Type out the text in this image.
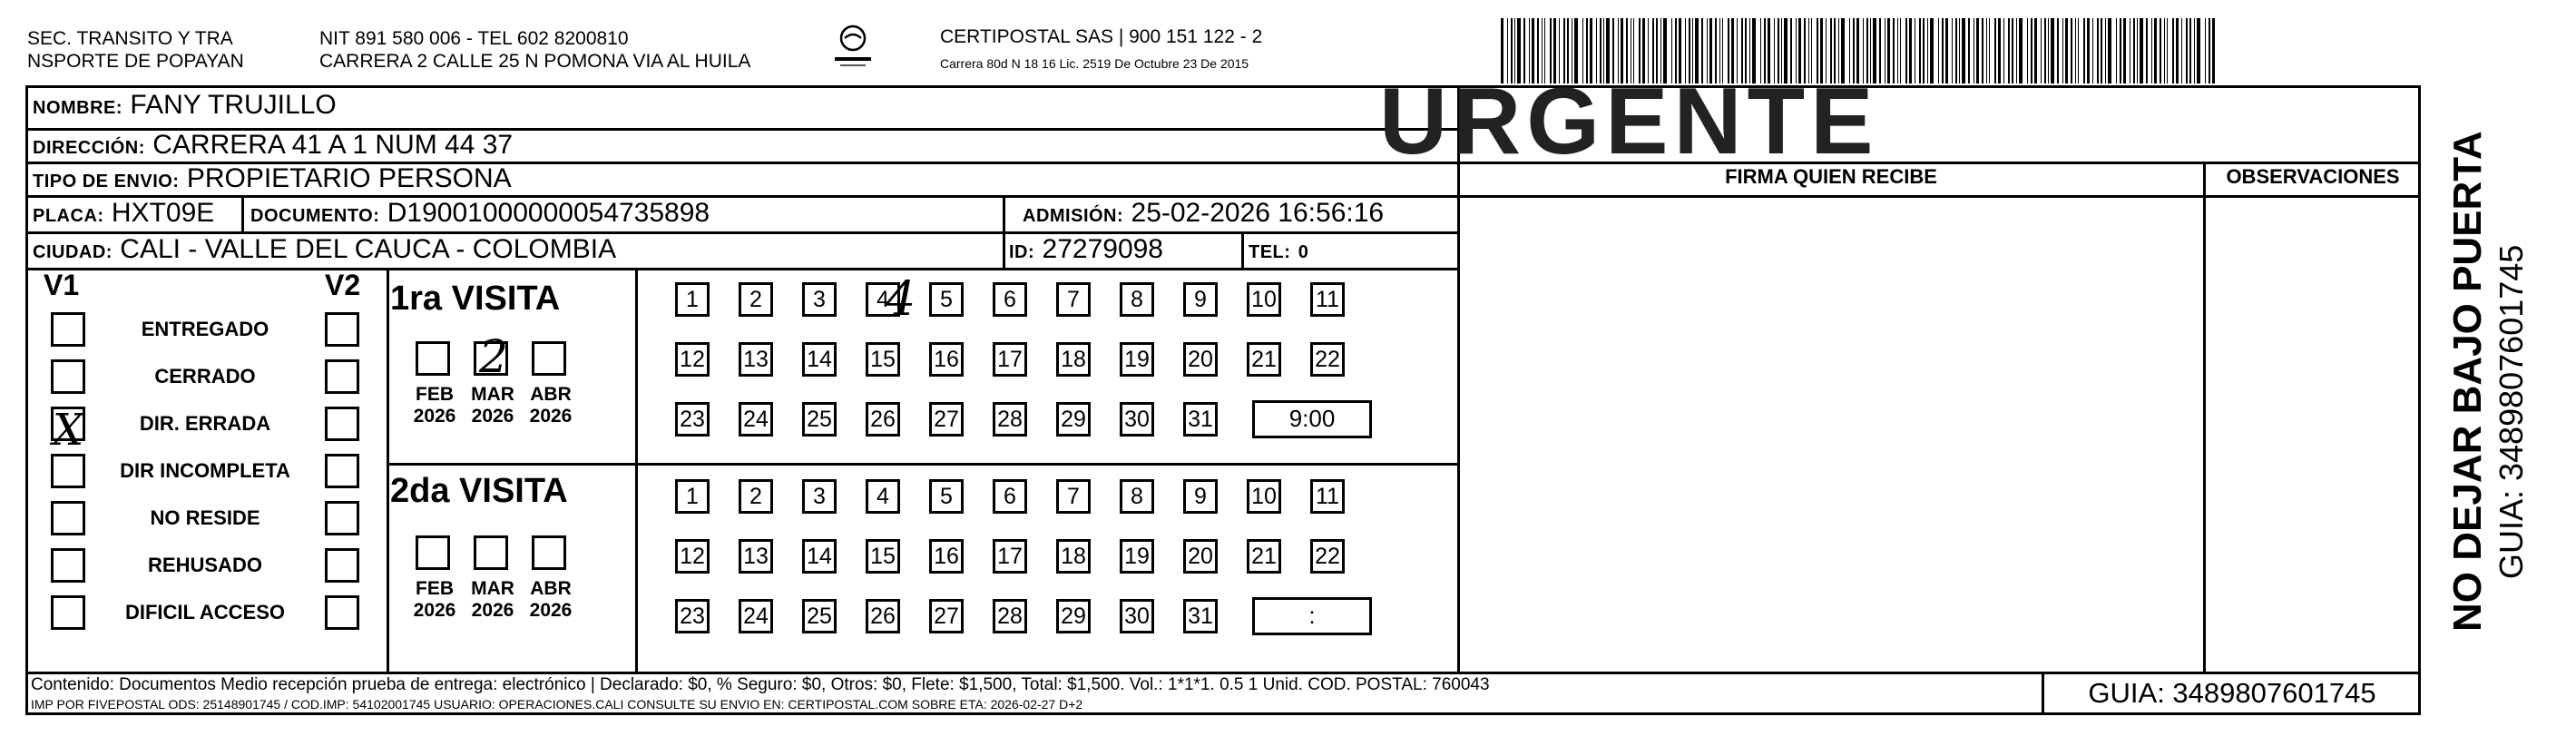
SEC. TRANSITO Y TRA
NSPORTE DE POPAYAN
NIT 891 580 006 - TEL 602 8200810
CARRERA 2 CALLE 25 N POMONA VIA AL HUILA
CERTIPOSTAL SAS | 900 151 122 - 2
Carrera 80d N 18 16 Lic. 2519 De Octubre 23 De 2015
NOMBRE: FANY TRUJILLO
DIRECCIÓN: CARRERA 41 A 1 NUM 44 37
TIPO DE ENVIO: PROPIETARIO PERSONA
PLACA: HXT09E DOCUMENTO: D19001000000054735898	ADMISIÓN: 25-02-2026 16:56:16
CIUDAD: CALI - VALLE DEL CAUCA - COLOMBIA	ID: 27279098	TEL: 0
URGENTE
FIRMA QUIEN RECIBE	OBSERVACIONES
V1	V2
ENTREGADO
CERRADO
DIR. ERRADA
DIR INCOMPLETA
NO RESIDE
REHUSADO
DIFICIL ACCESO
1ra VISITA
2da VISITA
FEB
2026
MAR
2026
ABR
2026
FEB
2026
MAR
2026
ABR
2026
1	2	3	4	5	6	7	8	9	10 11
12 13 14 15 16 17 18 19 20 21 22
23 24 25 26 27 28 29 30 31	9:00
1	2	3	4	5	6	7	8	9	10 11
12 13 14 15 16 17 18 19 20 21 22
23 24 25 26 27 28 29 30 31	:
X
4
2
Contenido: Documentos Medio recepción prueba de entrega: electrónico | Declarado: $0, % Seguro: $0, Otros: $0, Flete: $1,500, Total: $1,500. Vol.: 1*1*1. 0.5 1 Unid. COD. POSTAL: 760043
IMP POR FIVEPOSTAL ODS: 25148901745 / COD.IMP: 54102001745 USUARIO: OPERACIONES.CALI CONSULTE SU ENVIO EN: CERTIPOSTAL.COM SOBRE ETA: 2026-02-27 D+2	GUIA: 3489807601745
NO DEJAR BAJO PUERTA GUIA: 3489807601745
